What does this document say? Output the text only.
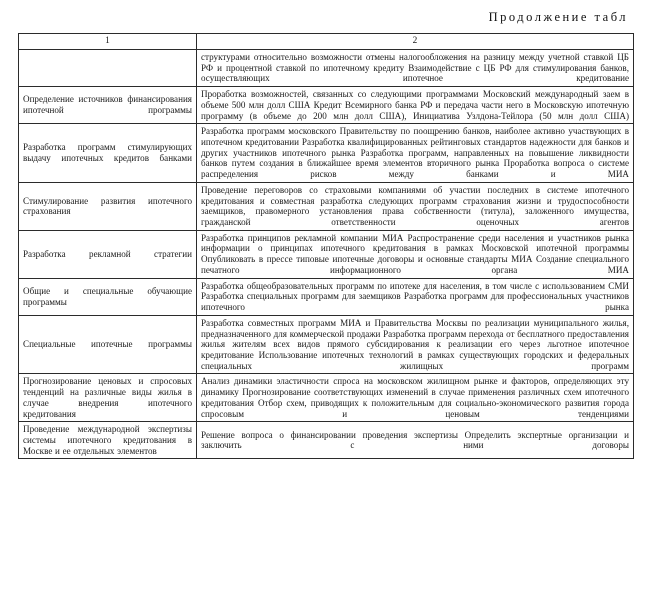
Продолжение табл
1	2
	структурами относительно возможности отмены налогообложения на разницу между учетной ставкой ЦБ РФ и процентной ставкой по ипотечному кредиту Взаимодействие с ЦБ РФ для стимулирования банков, осуществляющих ипотечное кредитование
Определение источников финансирования ипотечной программы	Проработка возможностей, связанных со следующими программами Московский международный заем в объеме 500 млн долл США Кредит Всемирного банка РФ и передача части него в Московскую ипотечную программу (в объеме до 200 млн долл США), Инициатива Узлдона-Тейлора (50 млн долл США)
Разработка программ стимулирующих выдачу ипотечных кредитов банками	Разработка программ московского Правительству по поощрению банков, наиболее активно участвующих в ипотечном кредитовании Разработка квалифицированных рейтинговых стандартов надежности для банков и других участников ипотечного рынка Разработка программ, направленных на повышение ликвидности банков путем создания в ближайшее время элементов вторичного рынка Проработка вопроса о системе распределения рисков между банками и МИА
Стимулирование развития ипотечного страхования	Проведение переговоров со страховыми компаниями об участии последних в системе ипотечного кредитования и совместная разработка следующих программ страхования жизни и трудоспособности заемщиков, правомерного установления права собственности (титула), заложенного имущества, гражданской ответственности оценочных агентов
Разработка рекламной стратегии	Разработка принципов рекламной компании МИА Распространение среди населения и участников рынка информации о принципах ипотечного кредитования в рамках Московской ипотечной программы Опубликовать в прессе типовые ипотечные договоры и основные стандарты МИА Создание специального печатного информационного органа МИА
Общие и специальные обучающие программы	Разработка общеобразовательных программ по ипотеке для населения, в том числе с использованием СМИ Разработка специальных программ для заемщиков Разработка программ для профессиональных участников ипотечного рынка
Специальные ипотечные программы	Разработка совместных программ МИА и Правительства Москвы по реализации муниципального жилья, предназначенного для коммерческой продажи Разработка программ перехода от бесплатного предоставления жилья жителям всех видов прямого субсидирования к реализации его через льготное ипотечное кредитование Использование ипотечных технологий в рамках существующих городских и федеральных специальных жилищных программ
Прогнозирование ценовых и спросовых тенденций на различные виды жилья в случае внедрения ипотечного кредитования	Анализ динамики эластичности спроса на московском жилищном рынке и факторов, определяющих эту динамику Прогнозирование соответствующих изменений в случае применения различных схем ипотечного кредитования Отбор схем, приводящих к положительным для социально-экономического развития города спросовым и ценовым тенденциями
Проведение международной экспертизы системы ипотечного кредитования в Москве и ее отдельных элементов	Решение вопроса о финансировании проведения экспертизы Определить экспертные организации и заключить с ними договоры
